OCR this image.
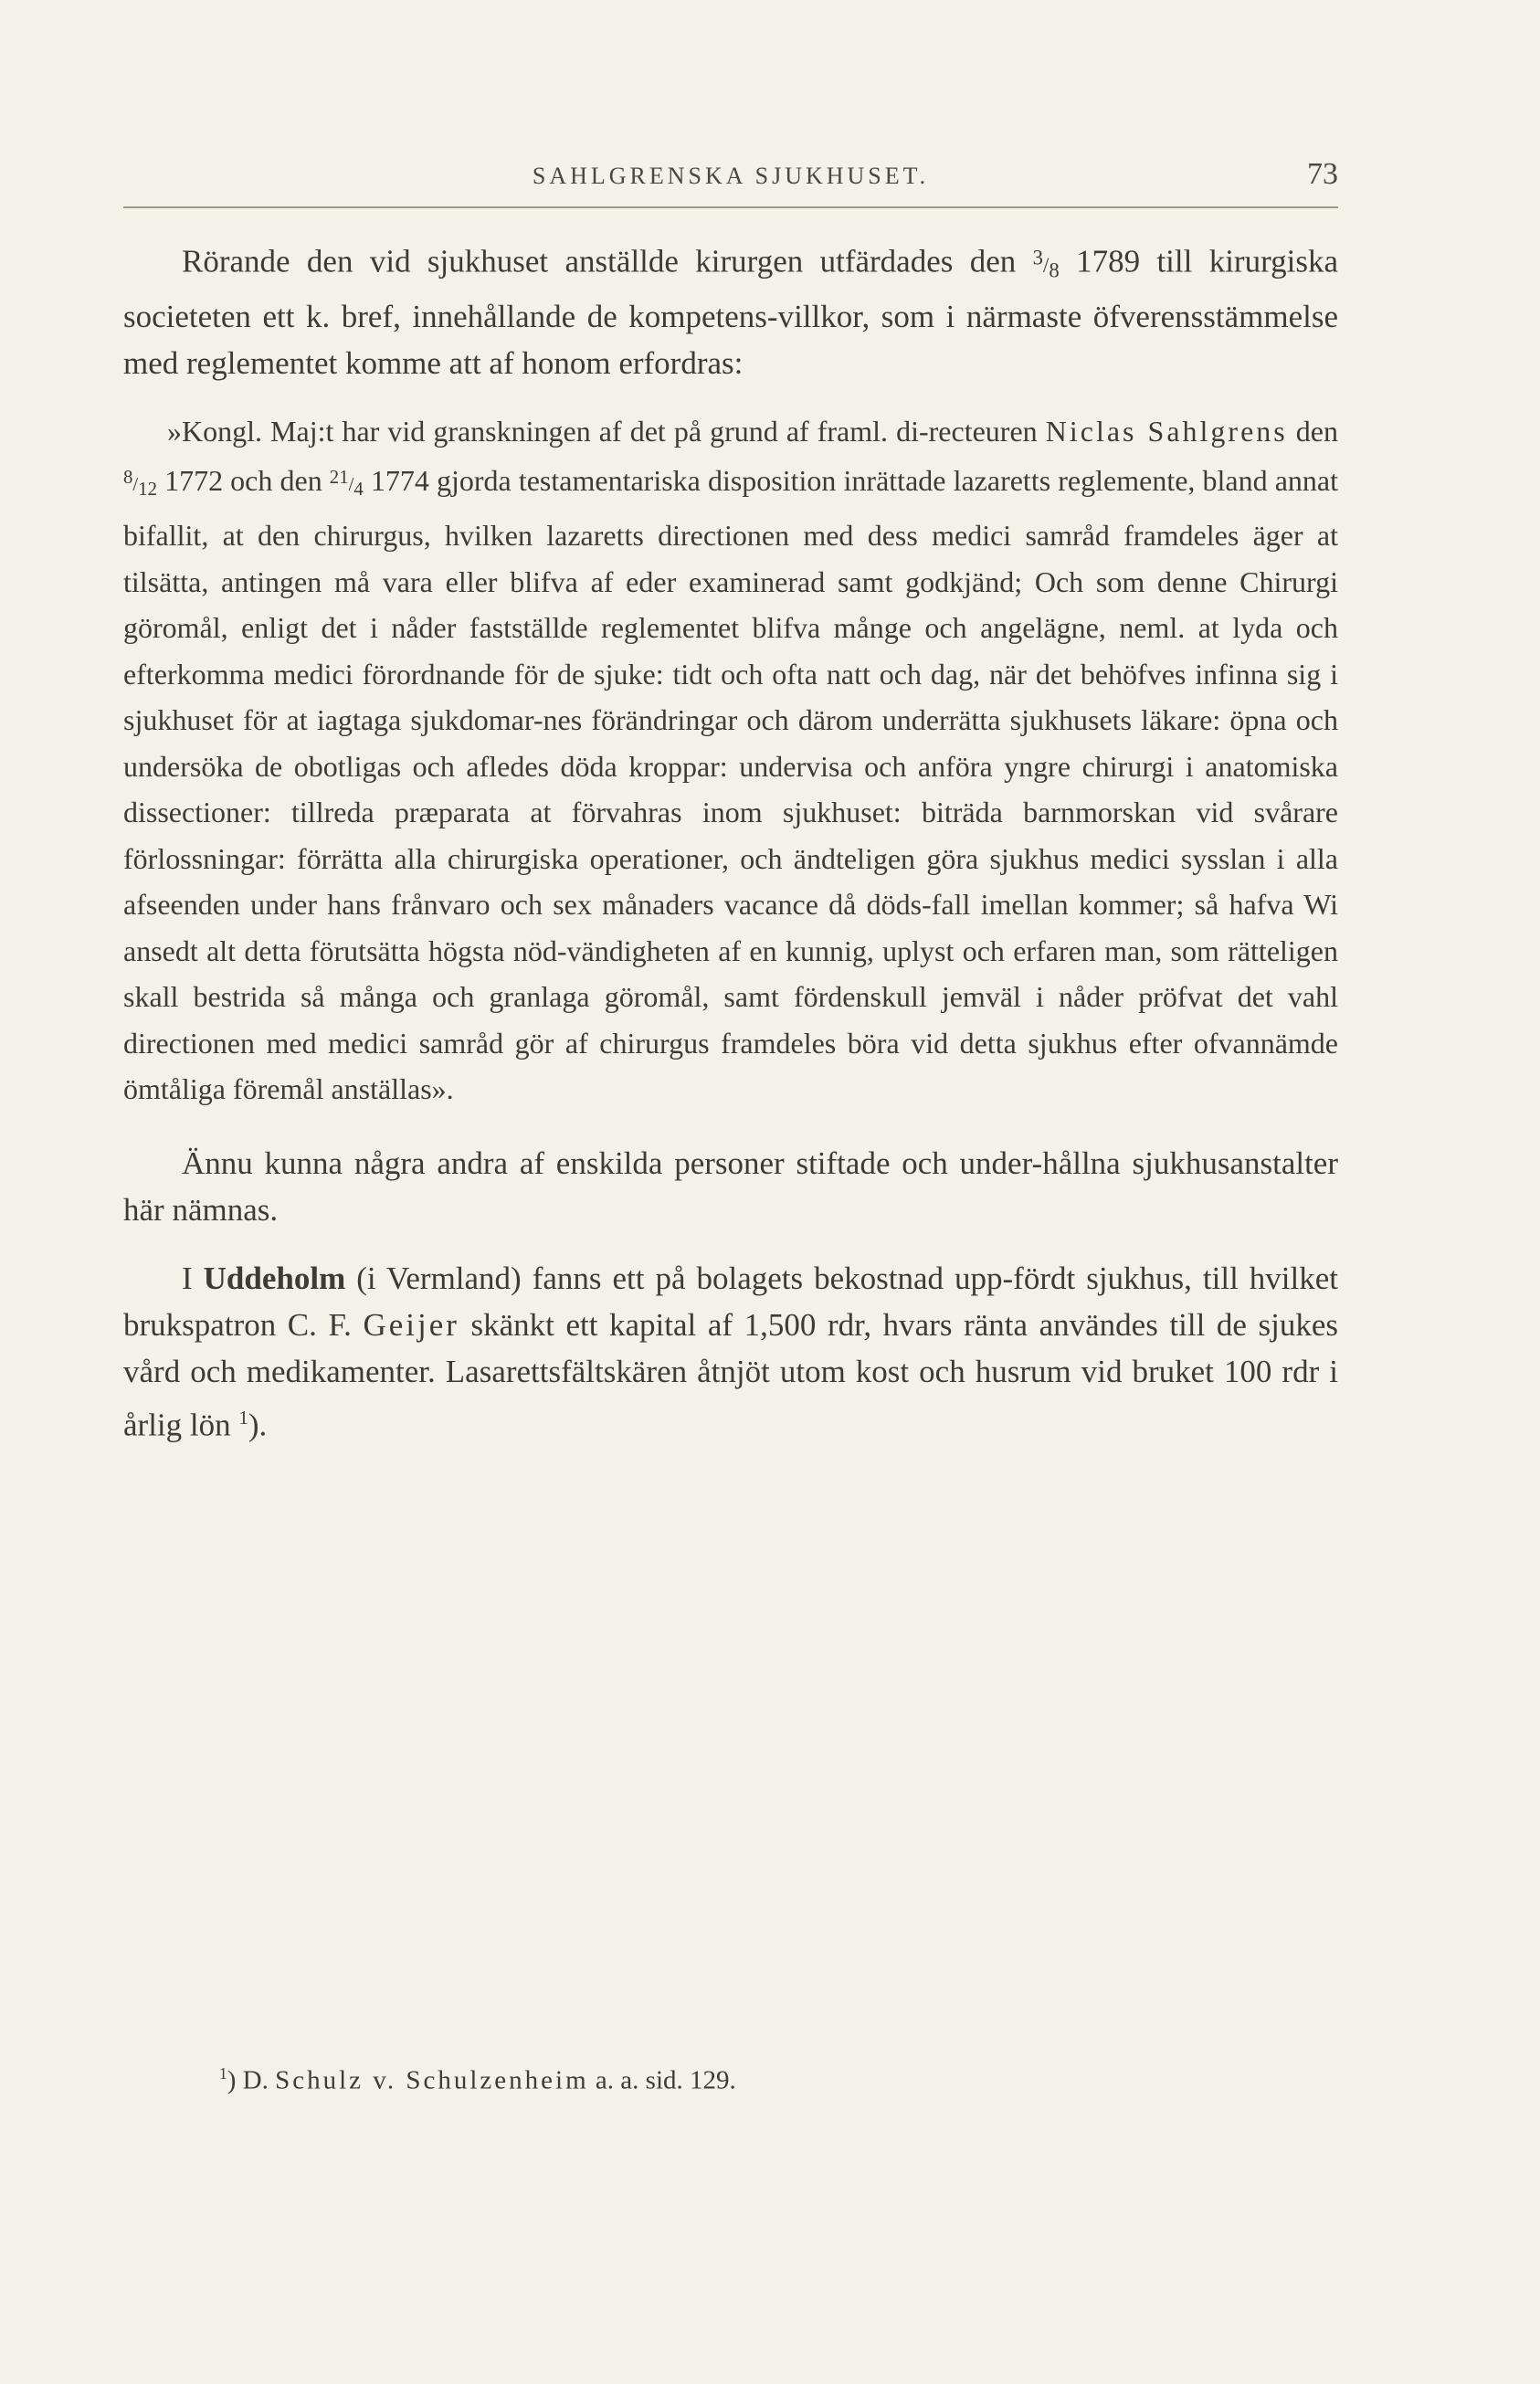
SAHLGRENSKA SJUKHUSET.	73

Rörande den vid sjukhuset anställde kirurgen utfärdades den 3/8 1789 till kirurgiska societeten ett k. bref, innehållande de kompetens-villkor, som i närmaste öfverensstämmelse med reglementet komme att af honom erfordras:

»Kongl. Maj:t har vid granskningen af det på grund af framl. di-recteuren Niclas Sahlgrens den 8/12 1772 och den 21/4 1774 gjorda testamentariska disposition inrättade lazaretts reglemente, bland annat bifallit, at den chirurgus, hvilken lazaretts directionen med dess medici samråd framdeles äger at tilsätta, antingen må vara eller blifva af eder examinerad samt godkjänd; Och som denne Chirurgi göromål, enligt det i nåder fastställde reglementet blifva månge och angelägne, neml. at lyda och efterkomma medici förordnande för de sjuke: tidt och ofta natt och dag, när det behöfves infinna sig i sjukhuset för at iagtaga sjukdomar-nes förändringar och därom underrätta sjukhusets läkare: öpna och undersöka de obotligas och afledes döda kroppar: undervisa och anföra yngre chirurgi i anatomiska dissectioner: tillreda præparata at förvahras inom sjukhuset: biträda barnmorskan vid svårare förlossningar: förrätta alla chirurgiska operationer, och ändteligen göra sjukhus medici sysslan i alla afseenden under hans frånvaro och sex månaders vacance då döds-fall imellan kommer; så hafva Wi ansedt alt detta förutsätta högsta nöd-vändigheten af en kunnig, uplyst och erfaren man, som rätteligen skall bestrida så många och granlaga göromål, samt fördenskull jemväl i nåder pröfvat det vahl directionen med medici samråd gör af chirurgus framdeles böra vid detta sjukhus efter ofvannämde ömtåliga föremål anställas».

Ännu kunna några andra af enskilda personer stiftade och under-hållna sjukhusanstalter här nämnas.

I Uddeholm (i Vermland) fanns ett på bolagets bekostnad upp-fördt sjukhus, till hvilket brukspatron C. F. Geijer skänkt ett kapital af 1,500 rdr, hvars ränta användes till de sjukes vård och medikamenter. Lasarettsfältskären åtnjöt utom kost och husrum vid bruket 100 rdr i årlig lön $^1$).

$^1$) D. Schulz v. Schulzenheim a. a. sid. 129.
